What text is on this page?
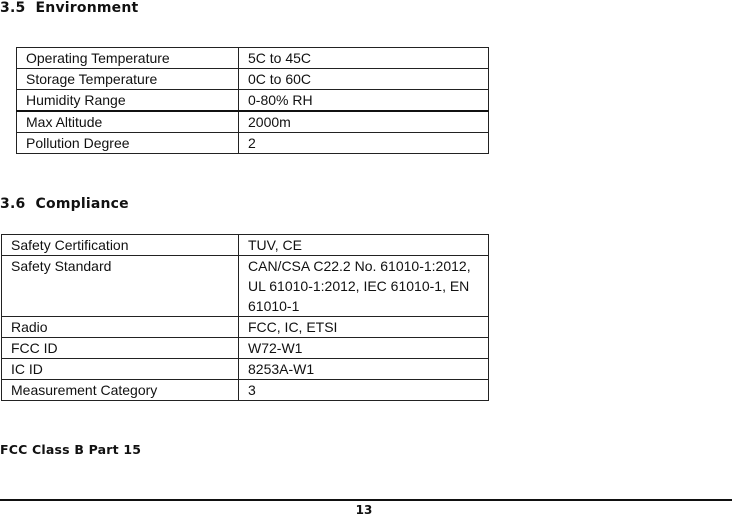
3.5  Environment
Operating Temperature	5C to 45C
Storage Temperature	0C to 60C
Humidity Range	0-80% RH
Max Altitude	2000m
Pollution Degree	2
3.6  Compliance
Safety Certification	TUV, CE
Safety Standard	CAN/CSA C22.2 No. 61010-1:2012, UL 61010-1:2012, IEC 61010-1, EN 61010-1
Radio	FCC, IC, ETSI
FCC ID	W72-W1
IC ID	8253A-W1
Measurement Category	3
FCC Class B Part 15
13
